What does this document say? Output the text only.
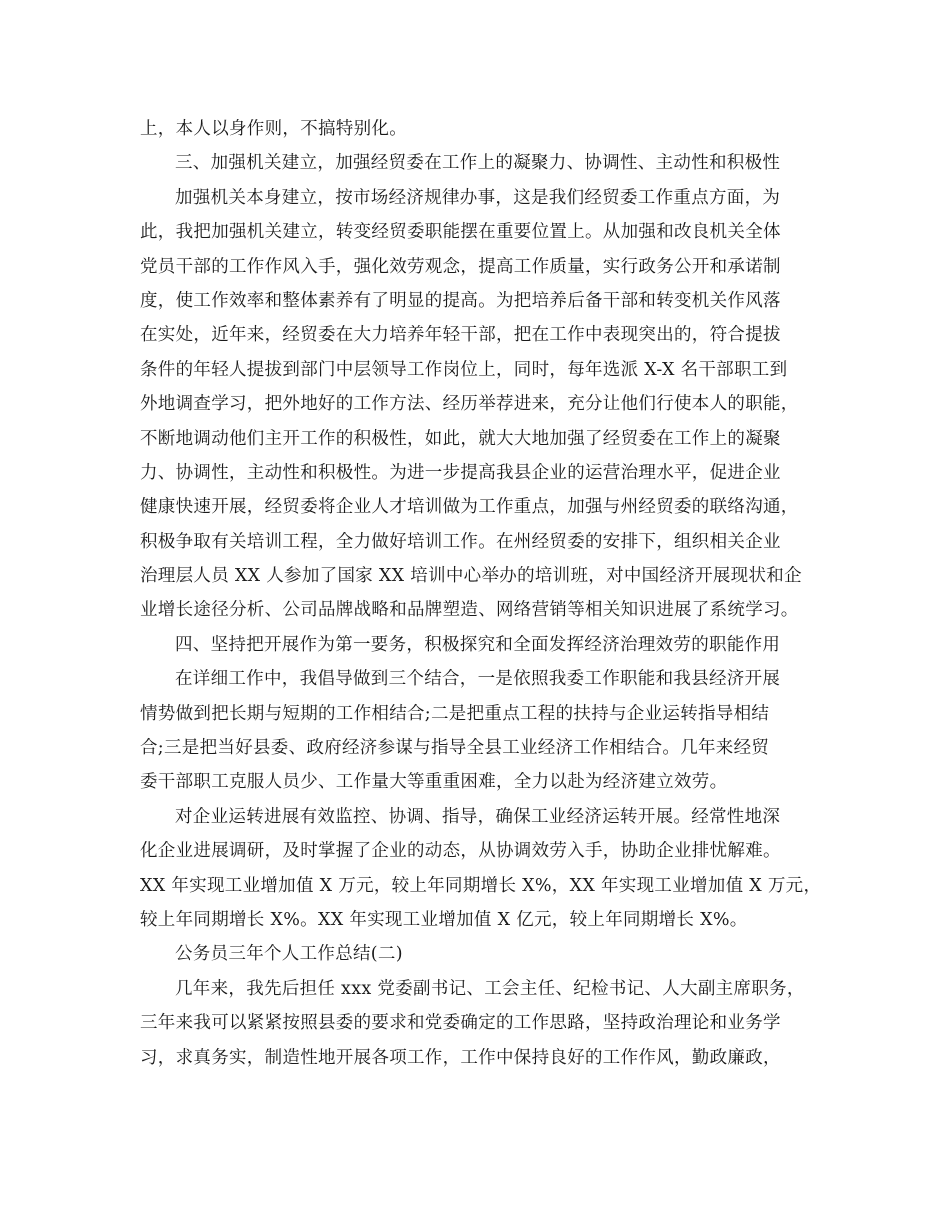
上，本人以身作则，不搞特别化。
三、加强机关建立，加强经贸委在工作上的凝聚力、协调性、主动性和积极性
加强机关本身建立，按市场经济规律办事，这是我们经贸委工作重点方面，为
此，我把加强机关建立，转变经贸委职能摆在重要位置上。从加强和改良机关全体
党员干部的工作作风入手，强化效劳观念，提高工作质量，实行政务公开和承诺制
度，使工作效率和整体素养有了明显的提高。为把培养后备干部和转变机关作风落
在实处，近年来，经贸委在大力培养年轻干部，把在工作中表现突出的，符合提拔
条件的年轻人提拔到部门中层领导工作岗位上，同时，每年选派 X-X 名干部职工到
外地调查学习，把外地好的工作方法、经历举荐进来，充分让他们行使本人的职能，
不断地调动他们主开工作的积极性，如此，就大大地加强了经贸委在工作上的凝聚
力、协调性，主动性和积极性。为进一步提高我县企业的运营治理水平，促进企业
健康快速开展，经贸委将企业人才培训做为工作重点，加强与州经贸委的联络沟通，
积极争取有关培训工程，全力做好培训工作。在州经贸委的安排下，组织相关企业
治理层人员 XX 人参加了国家 XX 培训中心举办的培训班，对中国经济开展现状和企
业增长途径分析、公司品牌战略和品牌塑造、网络营销等相关知识进展了系统学习。
四、坚持把开展作为第一要务，积极探究和全面发挥经济治理效劳的职能作用
在详细工作中，我倡导做到三个结合，一是依照我委工作职能和我县经济开展
情势做到把长期与短期的工作相结合;二是把重点工程的扶持与企业运转指导相结
合;三是把当好县委、政府经济参谋与指导全县工业经济工作相结合。几年来经贸
委干部职工克服人员少、工作量大等重重困难，全力以赴为经济建立效劳。
对企业运转进展有效监控、协调、指导，确保工业经济运转开展。经常性地深
化企业进展调研，及时掌握了企业的动态，从协调效劳入手，协助企业排忧解难。
XX 年实现工业增加值 X 万元，较上年同期增长 X%，XX 年实现工业增加值 X 万元，
较上年同期增长 X%。XX 年实现工业增加值 X 亿元，较上年同期增长 X%。
公务员三年个人工作总结(二)
几年来，我先后担任 xxx 党委副书记、工会主任、纪检书记、人大副主席职务，
三年来我可以紧紧按照县委的要求和党委确定的工作思路，坚持政治理论和业务学
习，求真务实，制造性地开展各项工作，工作中保持良好的工作作风，勤政廉政，
